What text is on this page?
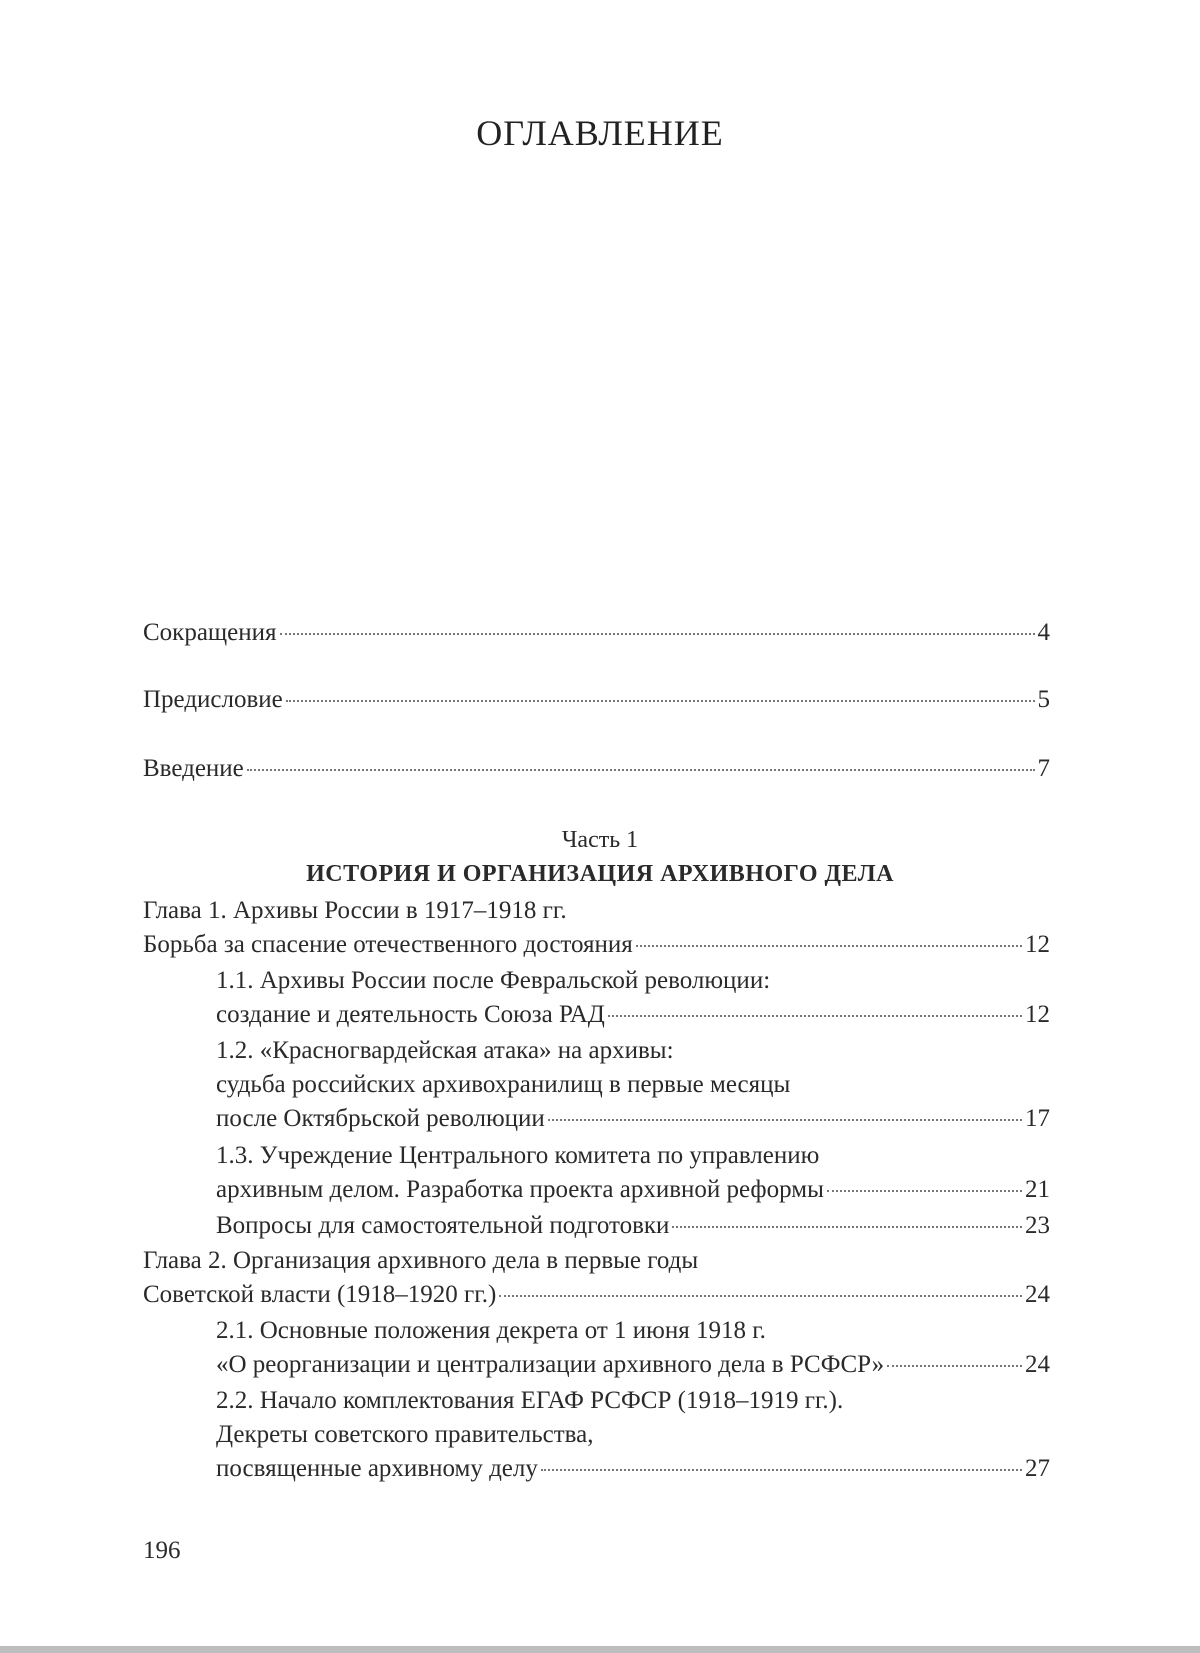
ОГЛАВЛЕНИЕ
Сокращения	4
Предисловие	5
Введение	7
Глава 1. Архивы России в 1917–1918 гг.
Борьба за спасение отечественного достояния	12
1.1. Архивы России после Февральской революции:
создание и деятельность Союза РАД	12
1.2. «Красногвардейская атака» на архивы:
судьба российских архивохранилищ в первые месяцы
после Октябрьской революции	17
1.3. Учреждение Центрального комитета по управлению
архивным делом. Разработка проекта архивной реформы	21
Вопросы для самостоятельной подготовки	23
Глава 2. Организация архивного дела в первые годы
Советской власти (1918–1920 гг.)	24
2.1. Основные положения декрета от 1 июня 1918 г.
«О реорганизации и централизации архивного дела в РСФСР»	24
2.2. Начало комплектования ЕГАФ РСФСР (1918–1919 гг.).
Декреты советского правительства,
посвященные архивному делу	27
Часть 1
ИСТОРИЯ И ОРГАНИЗАЦИЯ АРХИВНОГО ДЕЛА
196
